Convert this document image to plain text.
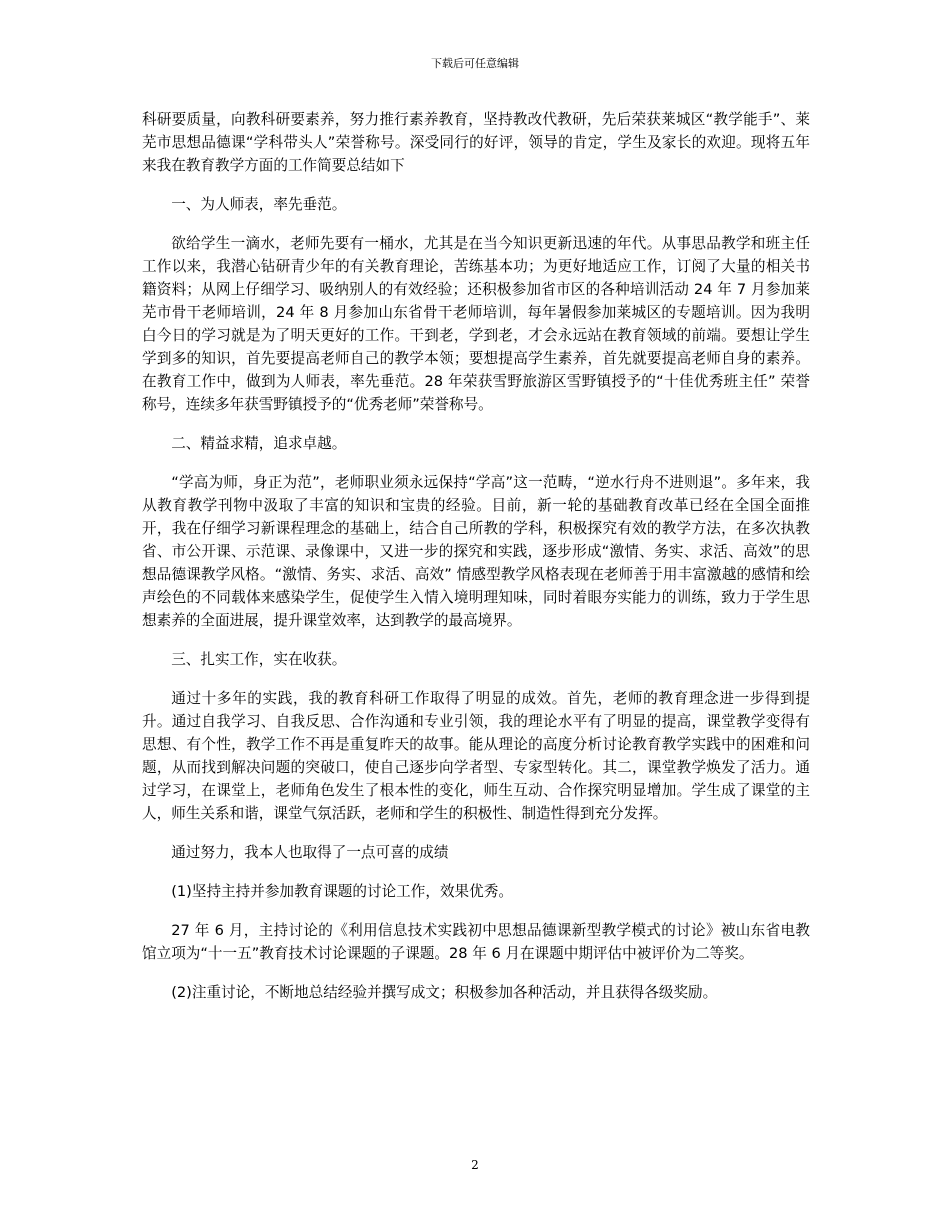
下载后可任意编辑

科研要质量，向教科研要素养，努力推行素养教育，坚持教改代教研，先后荣获莱城区“教学能手”、莱芜市思想品德课“学科带头人”荣誉称号。深受同行的好评，领导的肯定，学生及家长的欢迎。现将五年来我在教育教学方面的工作简要总结如下

一、为人师表，率先垂范。

欲给学生一滴水，老师先要有一桶水，尤其是在当今知识更新迅速的年代。从事思品教学和班主任工作以来，我潜心钻研青少年的有关教育理论，苦练基本功；为更好地适应工作，订阅了大量的相关书籍资料；从网上仔细学习、吸纳别人的有效经验；还积极参加省市区的各种培训活动 24 年 7 月参加莱芜市骨干老师培训，24 年 8 月参加山东省骨干老师培训，每年暑假参加莱城区的专题培训。因为我明白今日的学习就是为了明天更好的工作。干到老，学到老，才会永远站在教育领域的前端。要想让学生学到多的知识，首先要提高老师自己的教学本领；要想提高学生素养，首先就要提高老师自身的素养。在教育工作中，做到为人师表，率先垂范。28 年荣获雪野旅游区雪野镇授予的“十佳优秀班主任” 荣誉称号，连续多年获雪野镇授予的“优秀老师”荣誉称号。

二、精益求精，追求卓越。

“学高为师，身正为范”，老师职业须永远保持“学高”这一范畴，“逆水行舟不进则退”。多年来，我从教育教学刊物中汲取了丰富的知识和宝贵的经验。目前，新一轮的基础教育改革已经在全国全面推开，我在仔细学习新课程理念的基础上，结合自己所教的学科，积极探究有效的教学方法，在多次执教省、市公开课、示范课、录像课中，又进一步的探究和实践，逐步形成“激情、务实、求活、高效”的思想品德课教学风格。“激情、务实、求活、高效” 情感型教学风格表现在老师善于用丰富激越的感情和绘声绘色的不同载体来感染学生，促使学生入情入境明理知味，同时着眼夯实能力的训练，致力于学生思想素养的全面进展，提升课堂效率，达到教学的最高境界。

三、扎实工作，实在收获。

通过十多年的实践，我的教育科研工作取得了明显的成效。首先，老师的教育理念进一步得到提升。通过自我学习、自我反思、合作沟通和专业引领，我的理论水平有了明显的提高，课堂教学变得有思想、有个性，教学工作不再是重复昨天的故事。能从理论的高度分析讨论教育教学实践中的困难和问题，从而找到解决问题的突破口，使自己逐步向学者型、专家型转化。其二，课堂教学焕发了活力。通过学习，在课堂上，老师角色发生了根本性的变化，师生互动、合作探究明显增加。学生成了课堂的主人，师生关系和谐，课堂气氛活跃，老师和学生的积极性、制造性得到充分发挥。

通过努力，我本人也取得了一点可喜的成绩

(1)坚持主持并参加教育课题的讨论工作，效果优秀。

27 年 6 月，主持讨论的《利用信息技术实践初中思想品德课新型教学模式的讨论》被山东省电教馆立项为“十一五”教育技术讨论课题的子课题。28 年 6 月在课题中期评估中被评价为二等奖。

(2)注重讨论，不断地总结经验并撰写成文；积极参加各种活动，并且获得各级奖励。

2
